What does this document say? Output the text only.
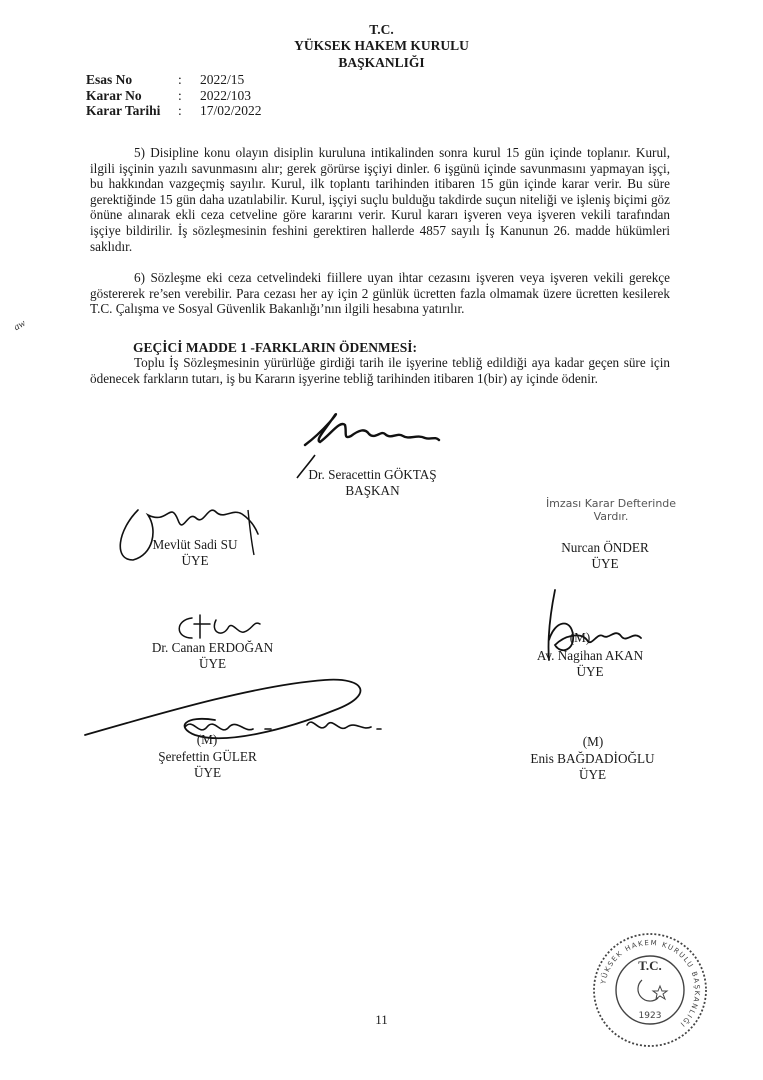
T.C.
YÜKSEK HAKEM KURULU
BAŞKANLIĞI
Esas No	:	2022/15
Karar No	:	2022/103
Karar Tarihi	:	17/02/2022

5) Disipline konu olayın disiplin kuruluna intikalinden sonra kurul 15 gün içinde toplanır. Kurul, ilgili işçinin yazılı savunmasını alır; gerek görürse işçiyi dinler. 6 işgünü içinde savunmasını yapmayan işçi, bu hakkından vazgeçmiş sayılır. Kurul, ilk toplantı tarihinden itibaren 15 gün içinde karar verir. Bu süre gerektiğinde 15 gün daha uzatılabilir. Kurul, işçiyi suçlu bulduğu takdirde suçun niteliği ve işleniş biçimi göz önüne alınarak ekli ceza cetveline göre kararını verir. Kurul kararı işveren veya işveren vekili tarafından işçiye bildirilir. İş sözleşmesinin feshini gerektiren hallerde 4857 sayılı İş Kanunun 26. madde hükümleri saklıdır.

6) Sözleşme eki ceza cetvelindeki fiillere uyan ihtar cezasını işveren veya işveren vekili gerekçe göstererek re’sen verebilir. Para cezası her ay için 2 günlük ücretten fazla olmamak üzere ücretten kesilerek T.C. Çalışma ve Sosyal Güvenlik Bakanlığı’nın ilgili hesabına yatırılır.

aw
GEÇİCİ MADDE 1 -FARKLARIN ÖDENMESİ:

Toplu İş Sözleşmesinin yürürlüğe girdiği tarih ile işyerine tebliğ edildiği aya kadar geçen süre için ödenecek farkların tutarı, iş bu Kararın işyerine tebliğ tarihinden itibaren 1(bir) ay içinde ödenir.

Dr. Seracettin GÖKTAŞ
BAŞKAN
İmzası Karar Defterinde Vardır.
Mevlüt Sadi SU
ÜYE
Nurcan ÖNDER
ÜYE
Dr. Canan ERDOĞAN
ÜYE
(M)
Av. Nagihan AKAN
ÜYE
(M)
Şerefettin GÜLER
ÜYE
(M)
Enis BAĞDADİOĞLU
ÜYE
YÜKSEK HAKEM KURULU BAŞKANLIĞI
T.C.
1923
11
